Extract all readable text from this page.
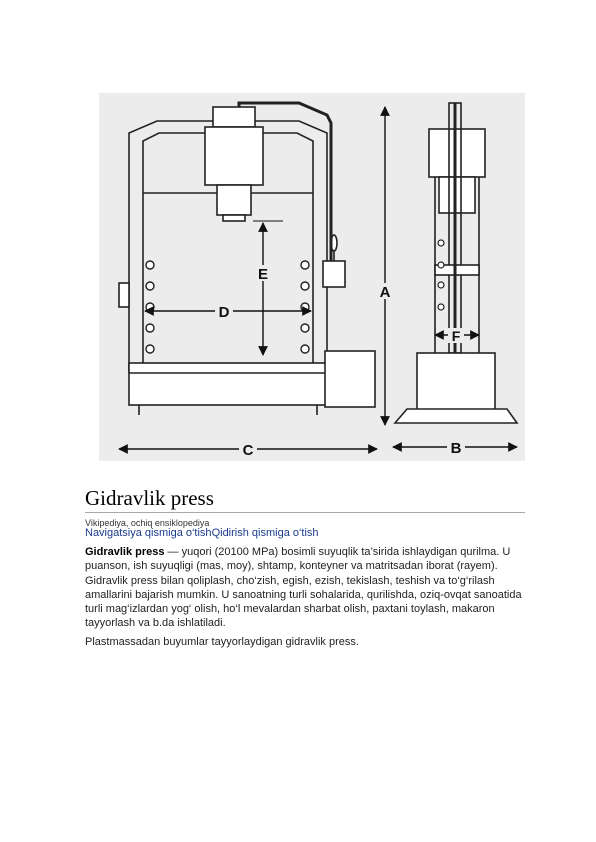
D
E
A
C
F
B
Gidravlik press
Vikipediya, ochiq ensiklopediya
Navigatsiya qismiga o‘tishQidirish qismiga o‘tish

Gidravlik press — yuqori (20100 MPa) bosimli suyuqlik ta’sirida ishlaydigan qurilma. U puanson, ish suyuqligi (mas, moy), shtamp, konteyner va matritsadan iborat (rayem). Gidravlik press bilan qoliplash, cho‘zish, egish, ezish, tekislash, teshish va to‘g‘rilash amallarini bajarish mumkin. U sanoatning turli sohalarida, qurilishda, oziq-ovqat sanoatida turli mag‘izlardan yog‘ olish, ho‘l mevalardan sharbat olish, paxtani toylash, makaron tayyorlash va b.da ishlatiladi.

Plastmassadan buyumlar tayyorlaydigan gidravlik press.
